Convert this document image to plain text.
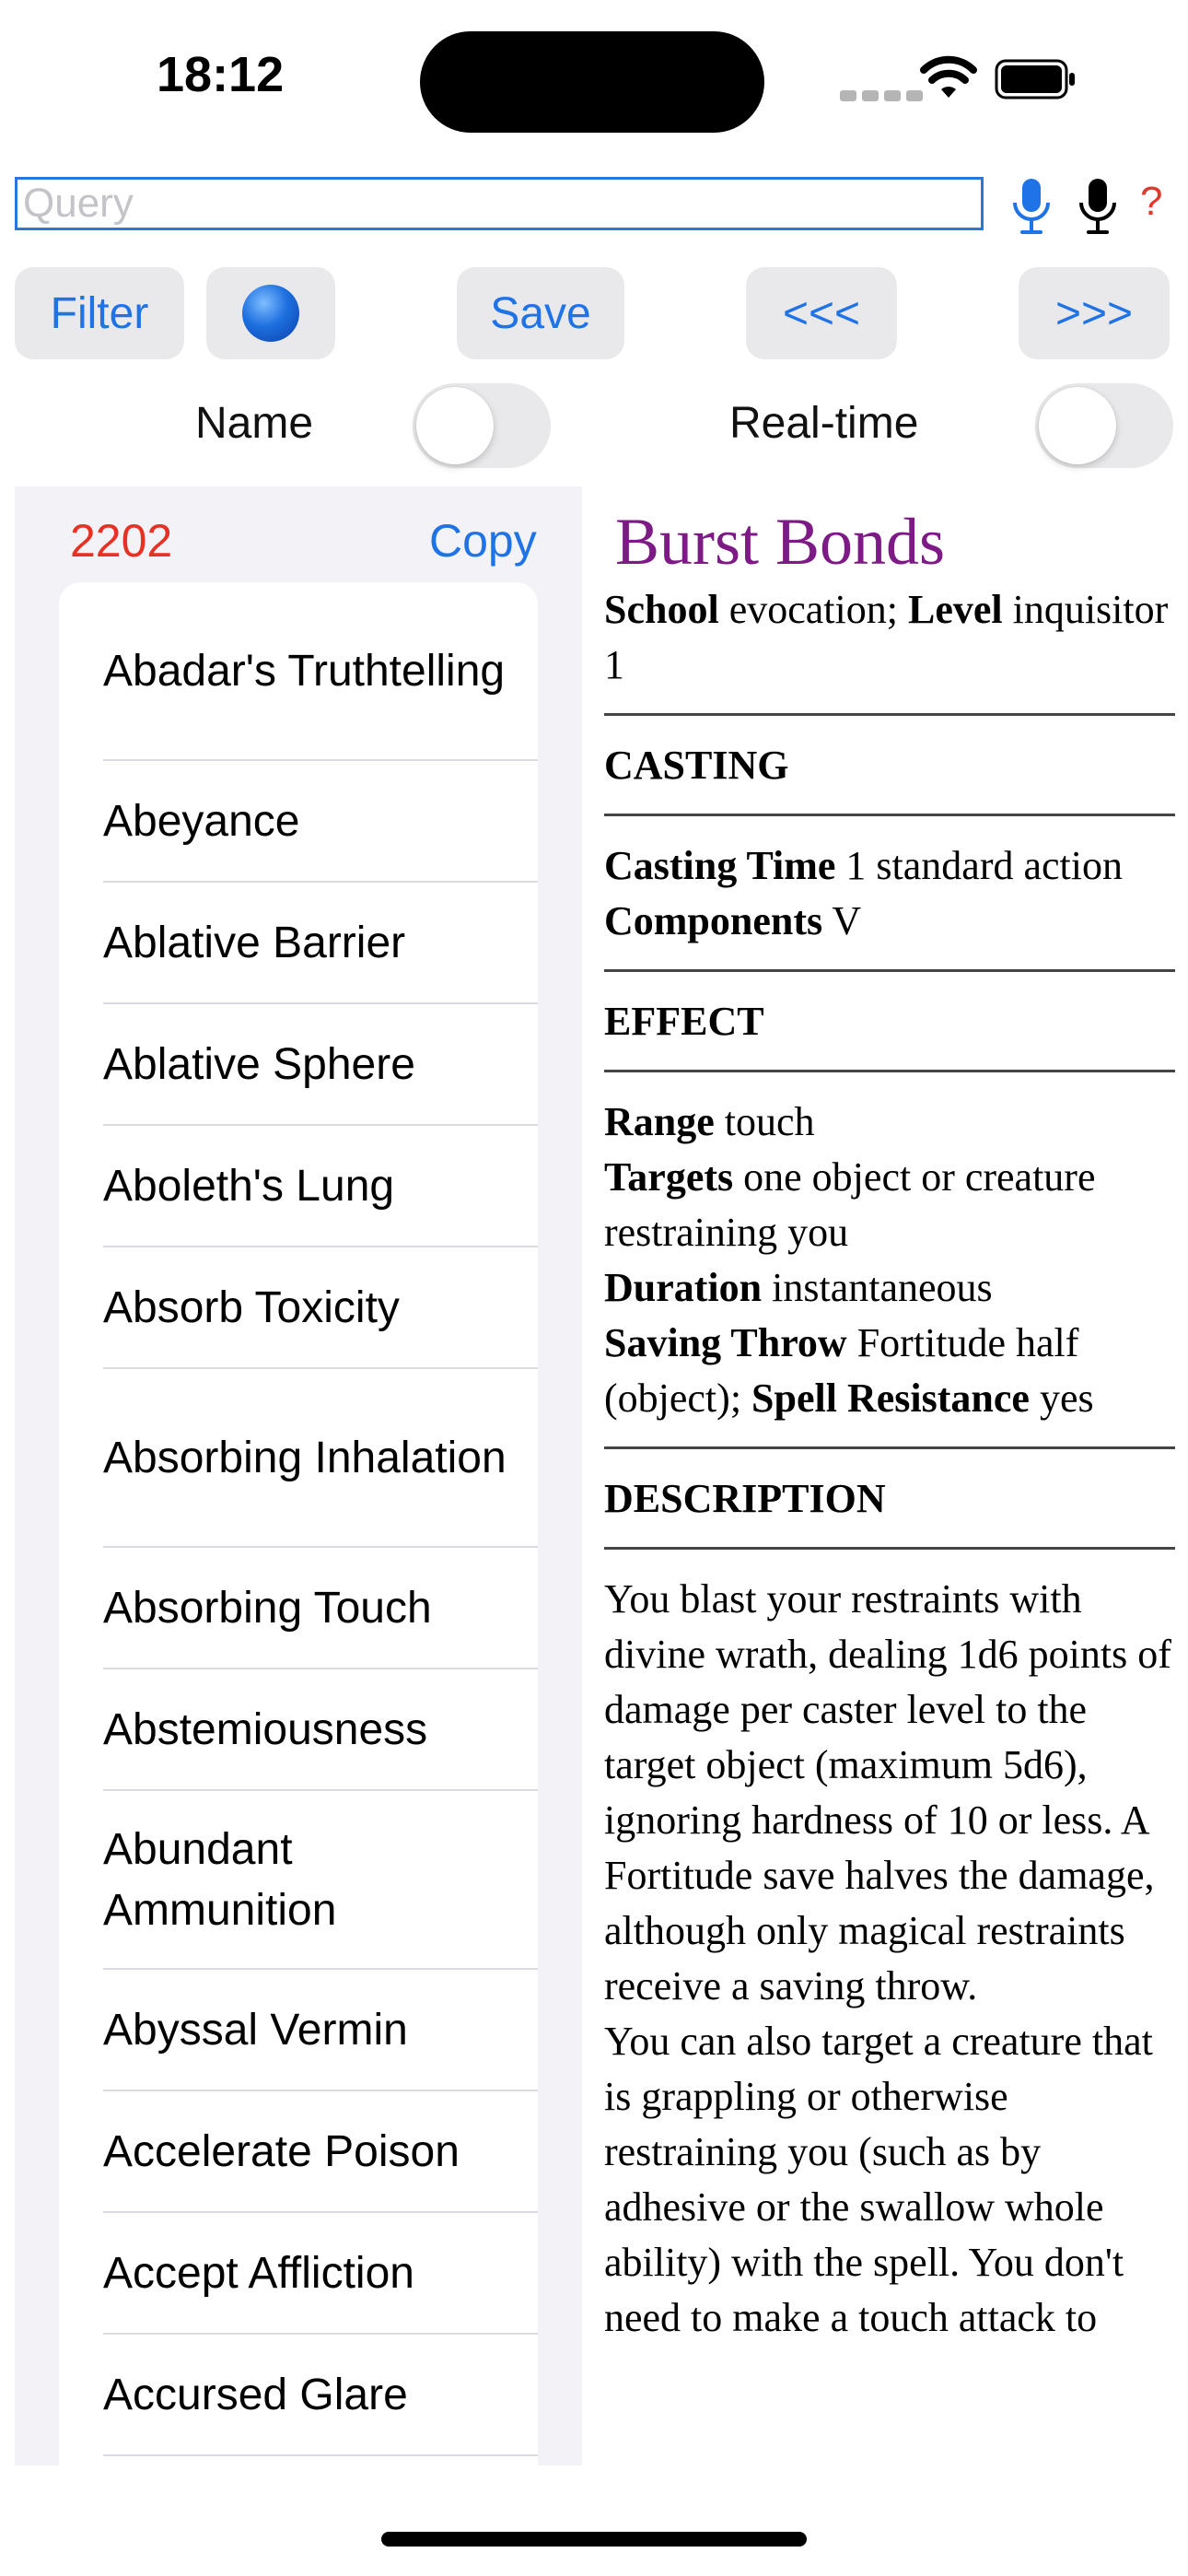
18:12
Query
?
Filter	Save	<<<	>>>
Name	Real-time
2202	Copy
Abadar's Truthtelling
Abeyance
Ablative Barrier
Ablative Sphere
Aboleth's Lung
Absorb Toxicity
Absorbing Inhalation
Absorbing Touch
Abstemiousness
Abundant Ammunition
Abyssal Vermin
Accelerate Poison
Accept Affliction
Accursed Glare
Burst Bonds

School evocation; Level inquisitor 1

CASTING

Casting Time 1 standard action

Components V

EFFECT

Range touch

Targets one object or creature restraining you

Duration instantaneous

Saving Throw Fortitude half (object); Spell Resistance yes

DESCRIPTION

You blast your restraints with divine wrath, dealing 1d6 points of damage per caster level to the target object (maximum 5d6), ignoring hardness of 10 or less. A Fortitude save halves the damage, although only magical restraints receive a saving throw.

You can also target a creature that is grappling or otherwise restraining you (such as by adhesive or the swallow whole ability) with the spell. You don't need to make a touch attack to
